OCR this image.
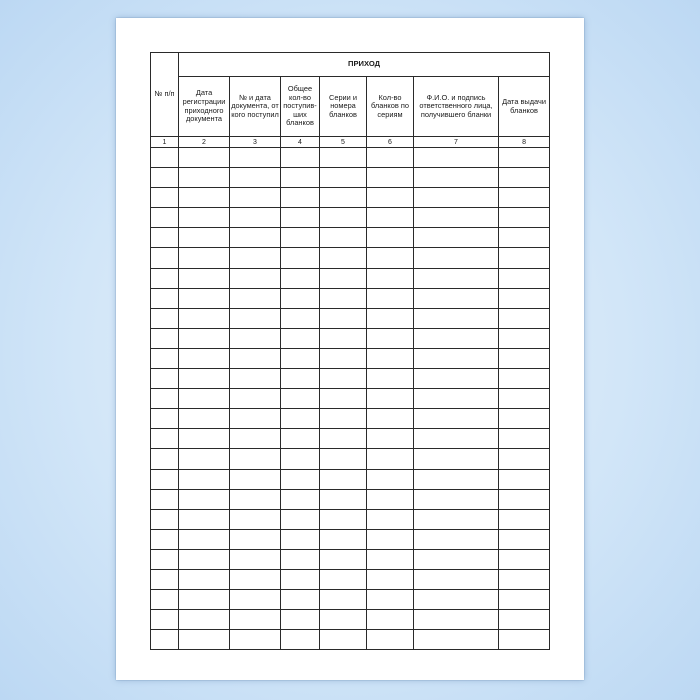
№ п/п	ПРИХОД						
	Дата регистрации приходного документа	№ и дата документа, от кого поступил	Общее кол-во поступив-ших бланков	Серии и номера бланков	Кол-во бланков по сериям	Ф.И.О. и подпись ответственного лица, получившего бланки	Дата выдачи бланков
1	2	3	4	5	6	7	8
